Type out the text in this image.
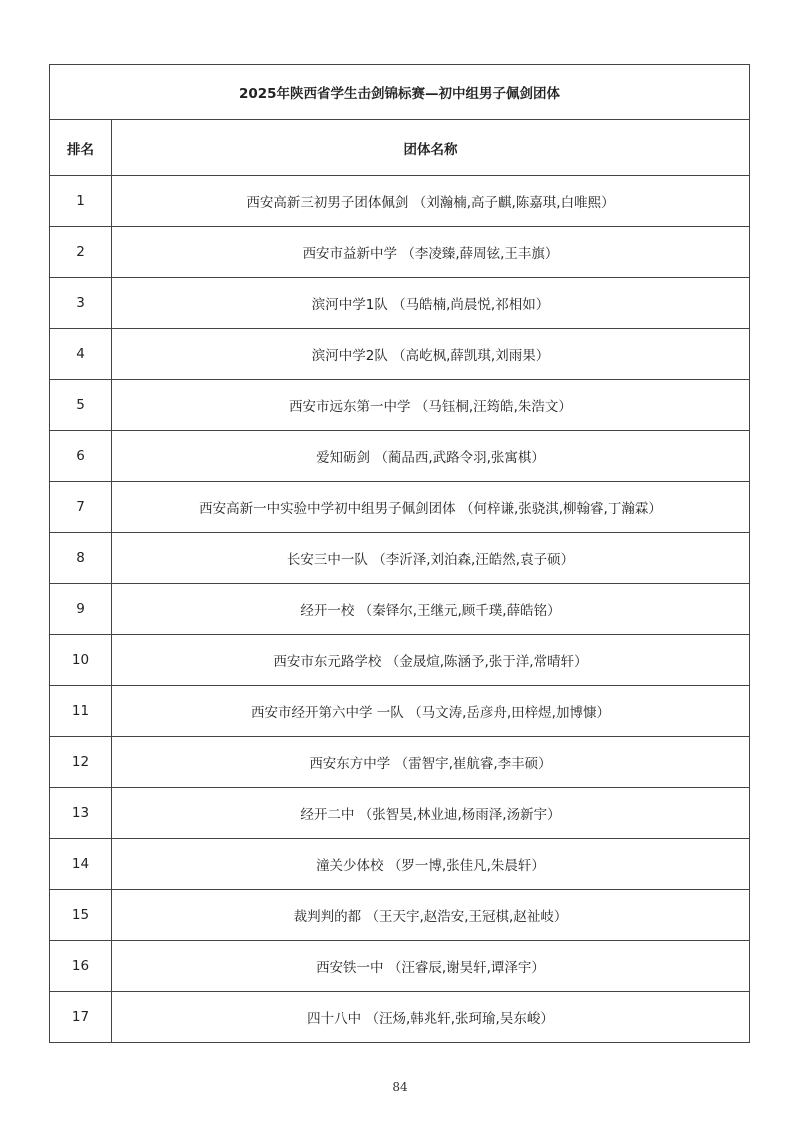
2025年陕西省学生击剑锦标赛—初中组男子佩剑团体	
排名	团体名称
1	西安高新三初男子团体佩剑 （刘瀚楠,高子麒,陈嘉琪,白唯熙）
2	西安市益新中学 （李凌臻,薛周铉,王丰旗）
3	滨河中学1队 （马皓楠,尚晨悦,祁相如）
4	滨河中学2队 （高屹枫,薛凯琪,刘雨果）
5	西安市远东第一中学 （马钰桐,汪筠皓,朱浩文）
6	爱知砺剑 （蔺品西,武路令羽,张寓棋）
7	西安高新一中实验中学初中组男子佩剑团体 （何梓谦,张骁淇,柳翰睿,丁瀚霖）
8	长安三中一队 （李沂泽,刘泊森,汪皓然,袁子硕）
9	经开一校 （秦铎尔,王继元,顾千璞,薛皓铭）
10	西安市东元路学校 （金晟煊,陈涵予,张于洋,常晴轩）
11	西安市经开第六中学 一队 （马文涛,岳彦舟,田梓煜,加博慷）
12	西安东方中学 （雷智宇,崔航睿,李丰硕）
13	经开二中 （张智昊,林业迪,杨雨泽,汤新宇）
14	潼关少体校 （罗一博,张佳凡,朱晨轩）
15	裁判判的都 （王天宇,赵浩安,王冠棋,赵祉岐）
16	西安铁一中 （汪睿辰,谢昊轩,谭泽宇）
17	四十八中 （汪炀,韩兆轩,张珂瑜,吴东峻）
84
